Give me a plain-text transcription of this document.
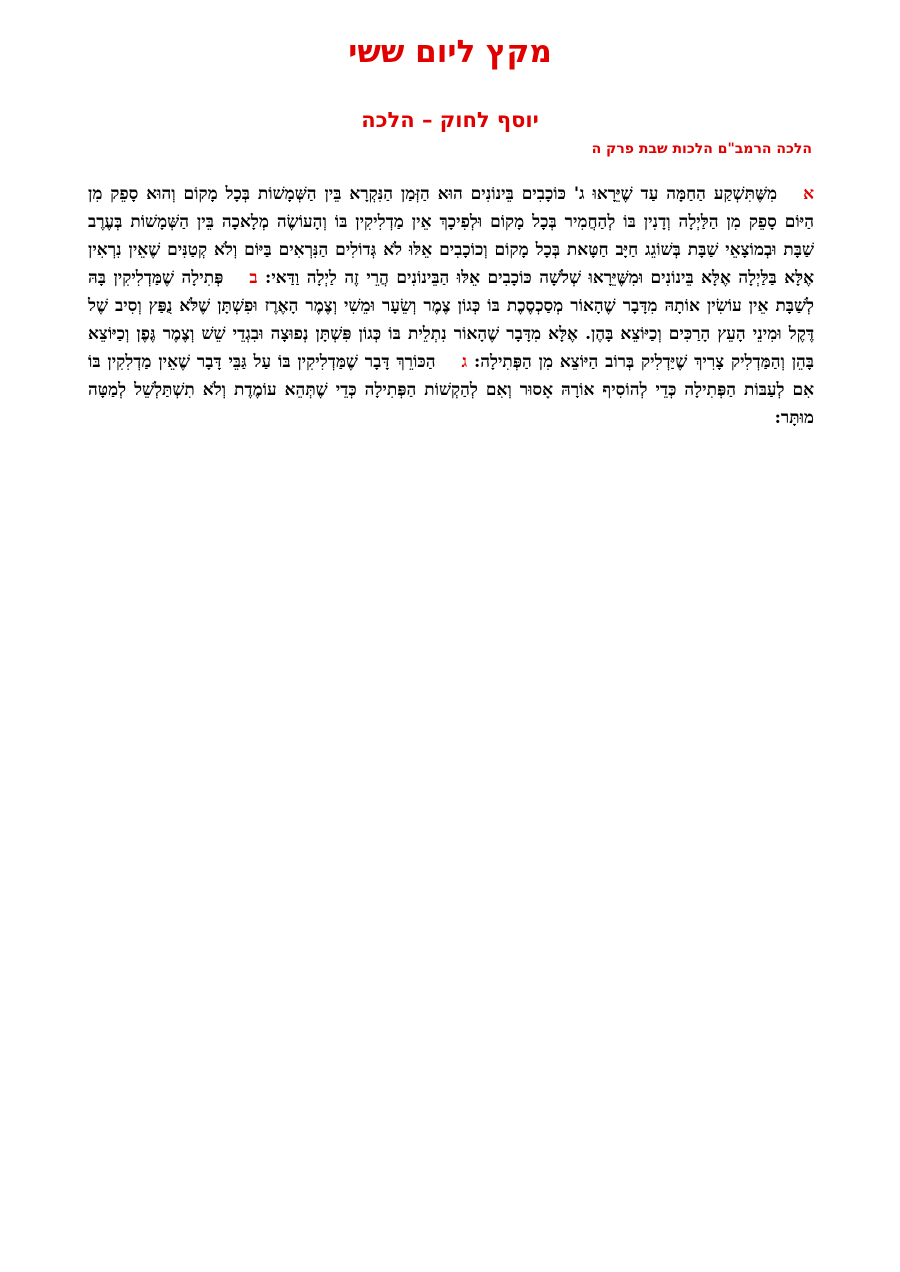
מקץ ליום ששי
יוסף לחוק – הלכה
הלכה הרמב"ם הלכות שבת פרק ה
אמִשֶּׁתִּשְׁקַע הַחַמָּה עַד שֶׁיֵּרָאוּ ג' כּוֹכָבִים בֵּינוֹנִים הוּא הַזְּמַן הַנִּקְרָא בֵּין הַשְּׁמָשׁוֹת בְּכָל מָקוֹם וְהוּא סָפֵק מִן הַיּוֹם סָפֵק מִן הַלַּיְלָה וְדָנִין בּוֹ לְהַחֲמִיר בְּכָל מָקוֹם וּלְפִיכָךְ אֵין מַדְלִיקִין בּוֹ וְהָעוֹשֶׂה מְלָאכָה בֵּין הַשְּׁמָשׁוֹת בְּעֶרֶב שַׁבָּת וּבְמוֹצָאֵי שַׁבָּת בְּשׁוֹגֵג חַיָּב חַטָּאת בְּכָל מָקוֹם וְכוֹכָבִים אֵלּוּ לֹא גְּדוֹלִים הַנִּרְאִים בַּיּוֹם וְלֹא קְטַנִּים שֶׁאֵין נִרְאִין אֶלָּא בַּלַּיְלָה אֶלָּא בֵּינוֹנִים וּמִשֶּׁיֵּרָאוּ שְׁלֹשָׁה כּוֹכָבִים אֵלּוּ הַבֵּינוֹנִים הֲרֵי זֶה לַיְלָה וַדַּאי: בפְּתִילָה שֶׁמַּדְלִיקִין בָּהּ לְשַׁבָּת אֵין עוֹשִׂין אוֹתָהּ מִדָּבָר שֶׁהָאוֹר מְסַכְסֶכֶת בּוֹ כְּגוֹן צֶמֶר וְשֵׂעָר וּמֵשִׁי וְצֶמֶר הָאֶרֶז וּפִשְׁתָּן שֶׁלֹּא נֻפַּץ וְסִיב שֶׁל דֶּקֶל וּמִינֵי הָעֵץ הָרַכִּים וְכַיּוֹצֵא בָּהֶן. אֶלָּא מִדָּבָר שֶׁהָאוֹר נִתְלֵית בּוֹ כְּגוֹן פִּשְׁתָּן נְפוּצָה וּבִגְדֵי שֵׁשׁ וְצֶמֶר גֶּפֶן וְכַיּוֹצֵא בָּהֵן וְהַמַּדְלִיק צָרִיךְ שֶׁיַּדְלִיק בְּרוֹב הַיּוֹצֵא מִן הַפְּתִילָה: גהַכּוֹרֵךְ דָּבָר שֶׁמַּדְלִיקִין בּוֹ עַל גַּבֵּי דָּבָר שֶׁאֵין מַדְלִקִין בּוֹ אִם לְעַבּוֹת הַפְּתִילָה כְּדֵי לְהוֹסִיף אוֹרָהּ אָסוּר וְאִם לְהַקְשׁוֹת הַפְּתִילָה כְּדֵי שֶׁתְּהֵא עוֹמֶדֶת וְלֹא תִשְׁתַּלְשֵׁל לְמַטָּה מוּתָּר:
